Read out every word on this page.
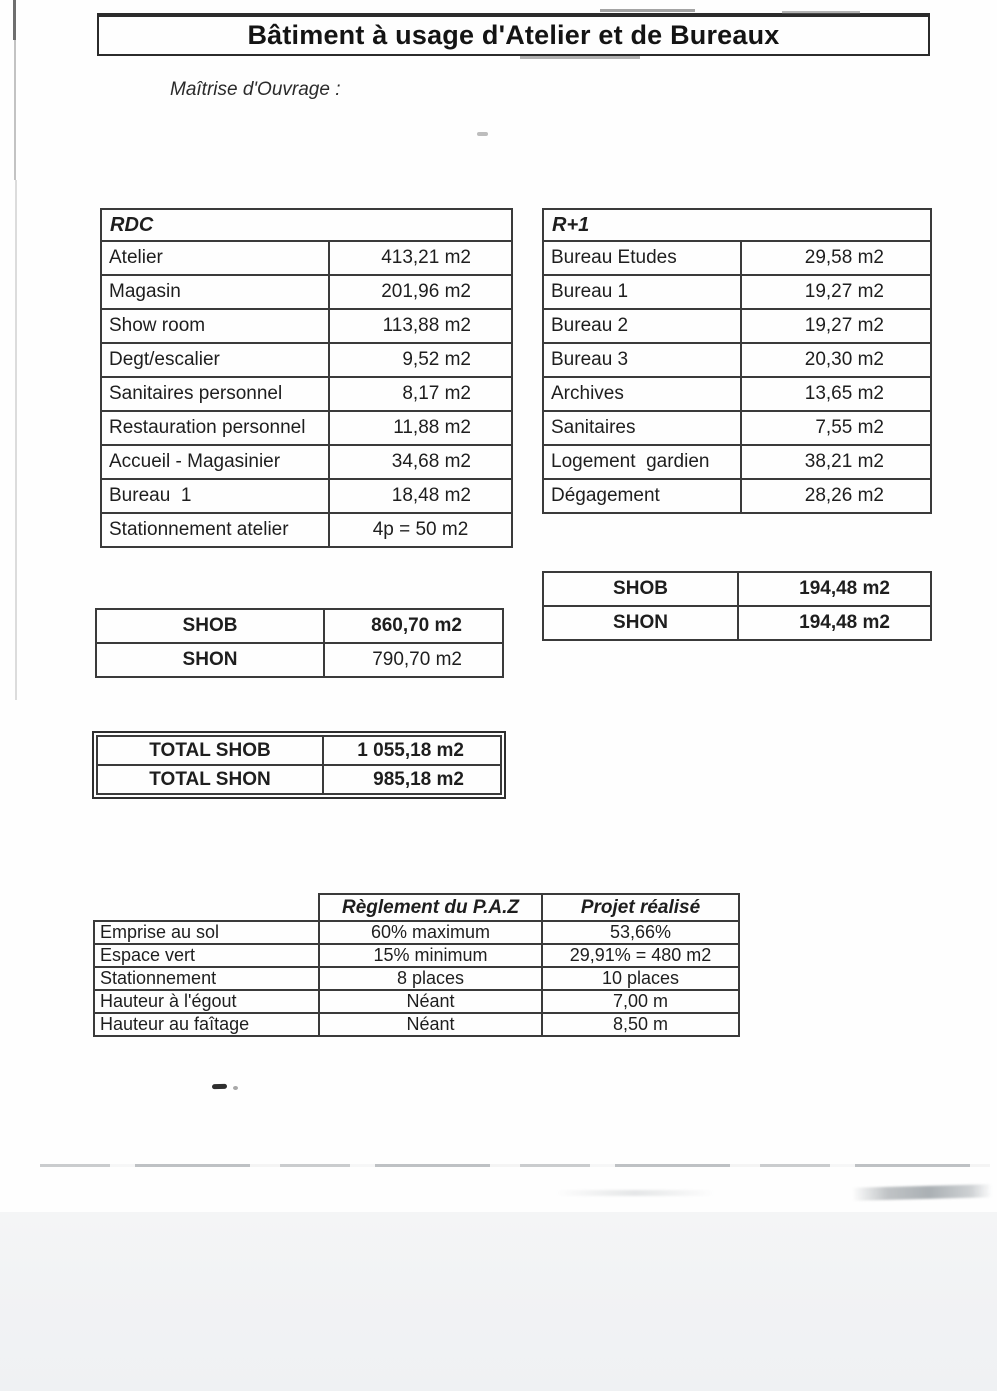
Bâtiment à usage d'Atelier et de Bureaux
Maîtrise d'Ouvrage :
RDC	
Atelier	413,21 m2
Magasin	201,96 m2
Show room	113,88 m2
Degt/escalier	9,52 m2
Sanitaires personnel	8,17 m2
Restauration personnel	11,88 m2
Accueil - Magasinier	34,68 m2
Bureau  1	18,48 m2
Stationnement atelier	4p = 50 m2
R+1	
Bureau Etudes	29,58 m2
Bureau 1	19,27 m2
Bureau 2	19,27 m2
Bureau 3	20,30 m2
Archives	13,65 m2
Sanitaires	7,55 m2
Logement  gardien	38,21 m2
Dégagement	28,26 m2
SHOB	194,48 m2
SHON	194,48 m2
SHOB	860,70 m2
SHON	790,70 m2
TOTAL SHOB	1 055,18 m2
TOTAL SHON	985,18 m2
	Règlement du P.A.Z	Projet réalisé
Emprise au sol	60% maximum	53,66%
Espace vert	15% minimum	29,91% = 480 m2
Stationnement	8 places	10 places
Hauteur à l'égout	Néant	7,00 m
Hauteur au faîtage	Néant	8,50 m
